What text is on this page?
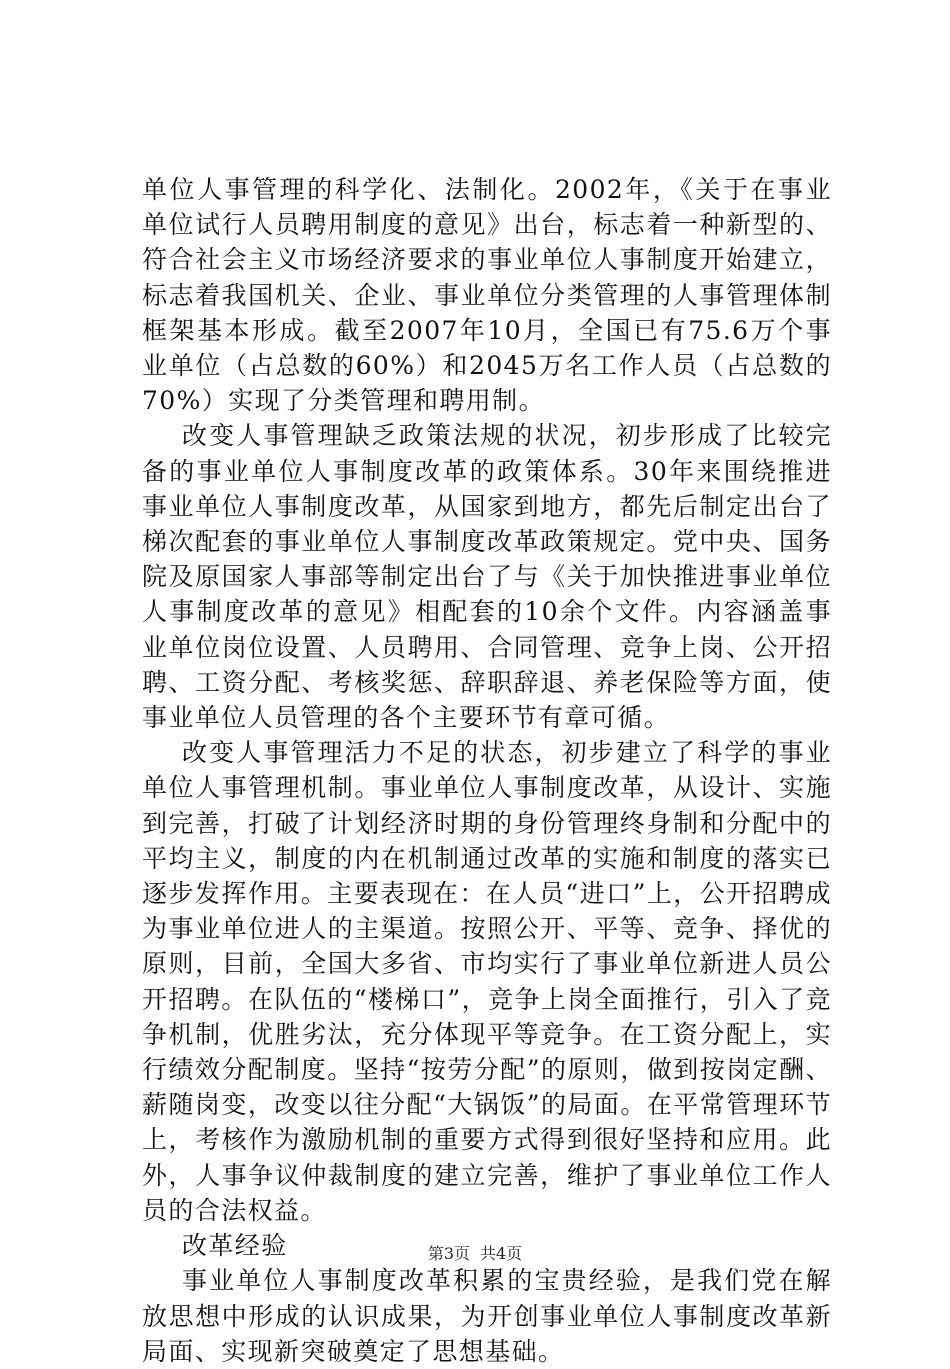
单位人事管理的科学化、法制化。2002年，《关于在事业单位试行人员聘用制度的意见》出台，标志着一种新型的、符合社会主义市场经济要求的事业单位人事制度开始建立，标志着我国机关、企业、事业单位分类管理的人事管理体制框架基本形成。截至2007年10月，全国已有75.6万个事业单位（占总数的60%）和2045万名工作人员（占总数的70%）实现了分类管理和聘用制。

改变人事管理缺乏政策法规的状况，初步形成了比较完备的事业单位人事制度改革的政策体系。30年来围绕推进事业单位人事制度改革，从国家到地方，都先后制定出台了梯次配套的事业单位人事制度改革政策规定。党中央、国务院及原国家人事部等制定出台了与《关于加快推进事业单位人事制度改革的意见》相配套的10余个文件。内容涵盖事业单位岗位设置、人员聘用、合同管理、竞争上岗、公开招聘、工资分配、考核奖惩、辞职辞退、养老保险等方面，使事业单位人员管理的各个主要环节有章可循。

改变人事管理活力不足的状态，初步建立了科学的事业单位人事管理机制。事业单位人事制度改革，从设计、实施到完善，打破了计划经济时期的身份管理终身制和分配中的平均主义，制度的内在机制通过改革的实施和制度的落实已逐步发挥作用。主要表现在：在人员“进口”上，公开招聘成为事业单位进人的主渠道。按照公开、平等、竞争、择优的原则，目前，全国大多省、市均实行了事业单位新进人员公开招聘。在队伍的“楼梯口”，竞争上岗全面推行，引入了竞争机制，优胜劣汰，充分体现平等竞争。在工资分配上，实行绩效分配制度。坚持“按劳分配”的原则，做到按岗定酬、薪随岗变，改变以往分配“大锅饭”的局面。在平常管理环节上，考核作为激励机制的重要方式得到很好坚持和应用。此外，人事争议仲裁制度的建立完善，维护了事业单位工作人员的合法权益。

改革经验

事业单位人事制度改革积累的宝贵经验，是我们党在解放思想中形成的认识成果，为开创事业单位人事制度改革新局面、实现新突破奠定了思想基础。

第3页 共4页
